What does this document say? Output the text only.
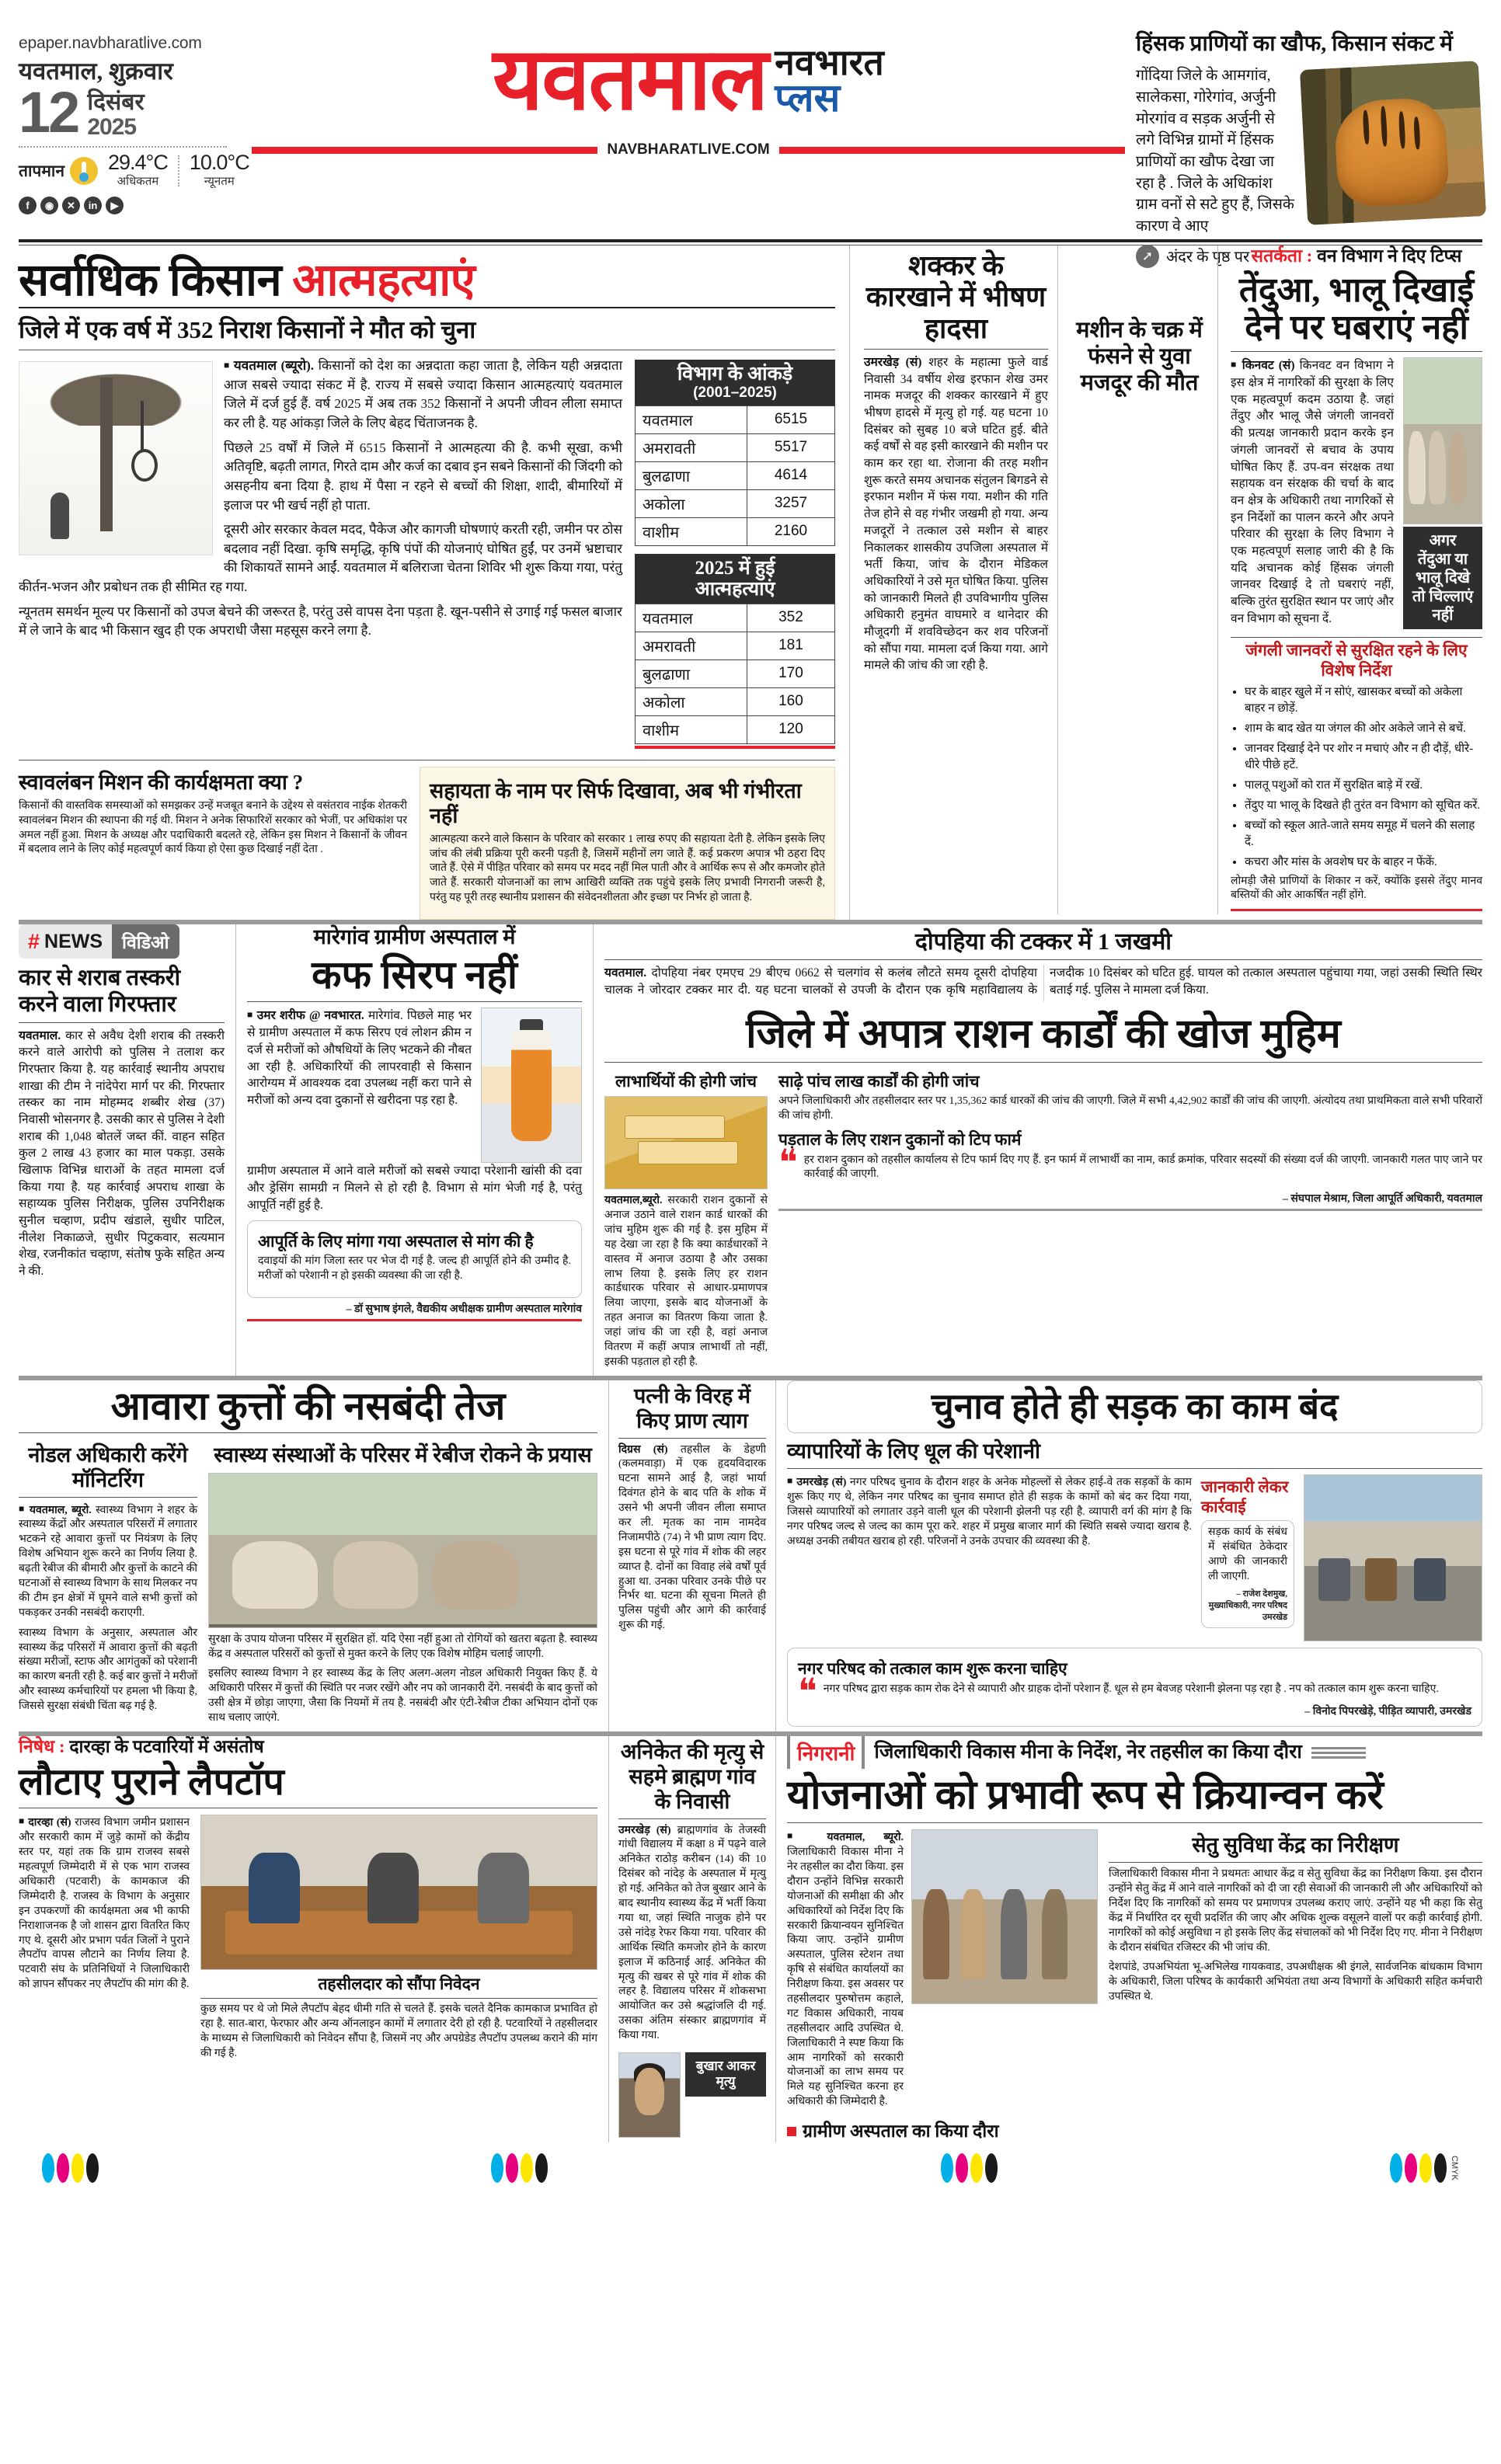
epaper.navbharatlive.com
यवतमाल, शुक्रवार
12 दिसंबर
2025
तापमान 29.4°C
अधिकतम
10.0°C
न्यूनतम
f	◉	✕	in	▶
यवतमाल नवभारत
प्लस
NAVBHARATLIVE.COM
हिंसक प्राणियों का खौफ, किसान संकट में
गोंदिया जिले के आमगांव, सालेकसा, गोरेगांव, अर्जुनी मोरगांव व सड़क अर्जुनी से लगे विभिन्न ग्रामों में हिंसक प्राणियों का खौफ देखा जा रहा है . जिले के अधिकांश ग्राम वनों से सटे हुए हैं, जिसके कारण वे आए
➚ अंदर के पृष्ठ पर
सर्वाधिक किसान आत्महत्याएं
जिले में एक वर्ष में 352 निराश किसानों ने मौत को चुना
विभाग के आंकड़े
(2001–2025)
यवतमाल	6515
अमरावती	5517
बुलढाणा	4614
अकोला	3257
वाशीम	2160
2025 में हुई
आत्महत्याएं
यवतमाल	352
अमरावती	181
बुलढाणा	170
अकोला	160
वाशीम	120

■ यवतमाल (ब्यूरो). किसानों को देश का अन्नदाता कहा जाता है, लेकिन यही अन्नदाता आज सबसे ज्यादा संकट में है. राज्य में सबसे ज्यादा किसान आत्महत्याएं यवतमाल जिले में दर्ज हुई हैं. वर्ष 2025 में अब तक 352 किसानों ने अपनी जीवन लीला समाप्त कर ली है. यह आंकड़ा जिले के लिए बेहद चिंताजनक है.

पिछले 25 वर्षों में जिले में 6515 किसानों ने आत्महत्या की है. कभी सूखा, कभी अतिवृष्टि, बढ़ती लागत, गिरते दाम और कर्ज का दबाव इन सबने किसानों की जिंदगी को असहनीय बना दिया है. हाथ में पैसा न रहने से बच्चों की शिक्षा, शादी, बीमारियों में इलाज पर भी खर्च नहीं हो पाता.

दूसरी ओर सरकार केवल मदद, पैकेज और कागजी घोषणाएं करती रही, जमीन पर ठोस बदलाव नहीं दिखा. कृषि समृद्धि, कृषि पंपों की योजनाएं घोषित हुईं, पर उनमें भ्रष्टाचार की शिकायतें सामने आईं. यवतमाल में बलिराजा चेतना शिविर भी शुरू किया गया, परंतु कीर्तन-भजन और प्रबोधन तक ही सीमित रह गया.

न्यूनतम समर्थन मूल्य पर किसानों को उपज बेचने की जरूरत है, परंतु उसे वापस देना पड़ता है. खून-पसीने से उगाई गई फसल बाजार में ले जाने के बाद भी किसान खुद ही एक अपराधी जैसा महसूस करने लगा है.

स्वावलंबन मिशन की कार्यक्षमता क्या ?

किसानों की वास्तविक समस्याओं को समझकर उन्हें मजबूत बनाने के उद्देश्य से वसंतराव नाईक शेतकरी स्वावलंबन मिशन की स्थापना की गई थी. मिशन ने अनेक सिफारिशें सरकार को भेजीं, पर अधिकांश पर अमल नहीं हुआ. मिशन के अध्यक्ष और पदाधिकारी बदलते रहे, लेकिन इस मिशन ने किसानों के जीवन में बदलाव लाने के लिए कोई महत्वपूर्ण कार्य किया हो ऐसा कुछ दिखाई नहीं देता .

सहायता के नाम पर सिर्फ दिखावा, अब भी गंभीरता नहीं

आत्महत्या करने वाले किसान के परिवार को सरकार 1 लाख रुपए की सहायता देती है. लेकिन इसके लिए जांच की लंबी प्रक्रिया पूरी करनी पड़ती है, जिसमें महीनों लग जाते हैं. कई प्रकरण अपात्र भी ठहरा दिए जाते हैं. ऐसे में पीड़ित परिवार को समय पर मदद नहीं मिल पाती और वे आर्थिक रूप से और कमजोर होते जाते हैं. सरकारी योजनाओं का लाभ आखिरी व्यक्ति तक पहुंचे इसके लिए प्रभावी निगरानी जरूरी है, परंतु यह पूरी तरह स्थानीय प्रशासन की संवेदनशीलता और इच्छा पर निर्भर हो जाता है.

शक्कर के कारखाने में भीषण हादसा

उमरखेड़ (सं) शहर के महात्मा फुले वार्ड निवासी 34 वर्षीय शेख इरफान शेख उमर नामक मजदूर की शक्कर कारखाने में हुए भीषण हादसे में मृत्यु हो गई. यह घटना 10 दिसंबर को सुबह 10 बजे घटित हुई. बीते कई वर्षों से वह इसी कारखाने की मशीन पर काम कर रहा था. रोजाना की तरह मशीन शुरू करते समय अचानक संतुलन बिगडने से इरफान मशीन में फंस गया. मशीन की गति तेज होने से वह गंभीर जखमी हो गया. अन्य मजदूरों ने तत्काल उसे मशीन से बाहर निकालकर शासकीय उपजिला अस्पताल में भर्ती किया, जांच के दौरान मेडिकल अधिकारियों ने उसे मृत घोषित किया. पुलिस को जानकारी मिलते ही उपविभागीय पुलिस अधिकारी हनुमंत वाघमारे व थानेदार की मौजूदगी में शवविच्छेदन कर शव परिजनों को सौंपा गया. मामला दर्ज किया गया. आगे मामले की जांच की जा रही है.

मशीन के चक्र में फंसने से युवा मजदूर की मौत
सतर्कता : वन विभाग ने दिए टिप्स
तेंदुआ, भालू दिखाई देने पर घबराएं नहीं

■ किनवट (सं) किनवट वन विभाग ने इस क्षेत्र में नागरिकों की सुरक्षा के लिए एक महत्वपूर्ण कदम उठाया है. जहां तेंदुए और भालू जैसे जंगली जानवरों की प्रत्यक्ष जानकारी प्रदान करके इन जंगली जानवरों से बचाव के उपाय घोषित किए हैं. उप-वन संरक्षक तथा सहायक वन संरक्षक की चर्चा के बाद वन क्षेत्र के अधिकारी तथा नागरिकों से इन निर्देशों का पालन करने और अपने परिवार की सुरक्षा के लिए विभाग ने एक महत्वपूर्ण सलाह जारी की है कि यदि अचानक कोई हिंसक जंगली जानवर दिखाई दे तो घबराएं नहीं, बल्कि तुरंत सुरक्षित स्थान पर जाएं और वन विभाग को सूचना दें.

अगर तेंदुआ या भालू दिखे तो चिल्लाएं नहीं
जंगली जानवरों से सुरक्षित रहने के लिए विशेष निर्देश
• घर के बाहर खुले में न सोएं, खासकर बच्चों को अकेला बाहर न छोड़ें.
• शाम के बाद खेत या जंगल की ओर अकेले जाने से बचें.
• जानवर दिखाई देने पर शोर न मचाएं और न ही दौड़ें, धीरे-धीरे पीछे हटें.
• पालतू पशुओं को रात में सुरक्षित बाड़े में रखें.
• तेंदुए या भालू के दिखते ही तुरंत वन विभाग को सूचित करें.
• बच्चों को स्कूल आते-जाते समय समूह में चलने की सलाह दें.
• कचरा और मांस के अवशेष घर के बाहर न फेंकें.

लोमड़ी जैसे प्राणियों के शिकार न करें, क्योंकि इससे तेंदुए मानव बस्तियों की ओर आकर्षित नहीं होंगे.

# NEWS	विडिओ
कार से शराब तस्करी करने वाला गिरफ्तार

यवतमाल. कार से अवैध देशी शराब की तस्करी करने वाले आरोपी को पुलिस ने तलाश कर गिरफ्तार किया है. यह कार्रवाई स्थानीय अपराध शाखा की टीम ने नांदेपेरा मार्ग पर की. गिरफ्तार तस्कर का नाम मोहम्मद शब्बीर शेख (37) निवासी भोसनगर है. उसकी कार से पुलिस ने देशी शराब की 1,048 बोतलें जब्त कीं. वाहन सहित कुल 2 लाख 43 हजार का माल पकड़ा. उसके खिलाफ विभिन्न धाराओं के तहत मामला दर्ज किया गया है. यह कार्रवाई अपराध शाखा के सहाय्यक पुलिस निरीक्षक, पुलिस उपनिरीक्षक सुनील चव्हाण, प्रदीप खंडाले, सुधीर पाटिल, नीलेश निकाळजे, सुधीर पिटुकवार, सत्यमान शेख, रजनीकांत चव्हाण, संतोष फुके सहित अन्य ने की.

मारेगांव ग्रामीण अस्पताल में
कफ सिरप नहीं

■ उमर शरीफ @ नवभारत. मारेगांव. पिछले माह भर से ग्रामीण अस्पताल में कफ सिरप एवं लोशन क्रीम न दर्ज से मरीजों को औषधियों के लिए भटकने की नौबत आ रही है. अधिकारियों की लापरवाही से किसान आरोग्यम में आवश्यक दवा उपलब्ध नहीं करा पाने से मरीजों को अन्य दवा दुकानों से खरीदना पड़ रहा है.

ग्रामीण अस्पताल में आने वाले मरीजों को सबसे ज्यादा परेशानी खांसी की दवा और ड्रेसिंग सामग्री न मिलने से हो रही है. विभाग से मांग भेजी गई है, परंतु आपूर्ति नहीं हुई है.

आपूर्ति के लिए मांगा गया अस्पताल से मांग की है

दवाइयों की मांग जिला स्तर पर भेज दी गई है. जल्द ही आपूर्ति होने की उम्मीद है. मरीजों को परेशानी न हो इसकी व्यवस्था की जा रही है.

– डॉ सुभाष इंगले, वैद्यकीय अधीक्षक ग्रामीण अस्पताल मारेगांव
दोपहिया की टक्कर में 1 जखमी

यवतमाल. दोपहिया नंबर एमएच 29 बीएच 0662 से चलगांव से कलंब लौटते समय दूसरी दोपहिया चालक ने जोरदार टक्कर मार दी. यह घटना चालकों से उपजी के दौरान एक कृषि महाविद्यालय के नजदीक 10 दिसंबर को घटित हुई. घायल को तत्काल अस्पताल पहुंचाया गया, जहां उसकी स्थिति स्थिर बताई गई. पुलिस ने मामला दर्ज किया.

जिले में अपात्र राशन कार्डों की खोज मुहिम
लाभार्थियों की होगी जांच

यवतमाल,ब्यूरो. सरकारी राशन दुकानों से अनाज उठाने वाले राशन कार्ड धारकों की जांच मुहिम शुरू की गई है. इस मुहिम में यह देखा जा रहा है कि क्या कार्डधारकों ने वास्तव में अनाज उठाया है और उसका लाभ लिया है. इसके लिए हर राशन कार्डधारक परिवार से आधार-प्रमाणपत्र लिया जाएगा, इसके बाद योजनाओं के तहत अनाज का वितरण किया जाता है. जहां जांच की जा रही है, वहां अनाज वितरण में कहीं अपात्र लाभार्थी तो नहीं, इसकी पड़ताल हो रही है.

साढ़े पांच लाख कार्डों की होगी जांच

अपने जिलाधिकारी और तहसीलदार स्तर पर 1,35,362 कार्ड धारकों की जांच की जाएगी. जिले में सभी 4,42,902 कार्डों की जांच की जाएगी. अंत्योदय तथा प्राथमिकता वाले सभी परिवारों की जांच होगी.

पड़ताल के लिए राशन दुकानों को टिप फार्म
❝ हर राशन दुकान को तहसील कार्यालय से टिप फार्म दिए गए हैं. इन फार्म में लाभार्थी का नाम, कार्ड क्रमांक, परिवार सदस्यों की संख्या दर्ज की जाएगी. जानकारी गलत पाए जाने पर कार्रवाई की जाएगी.

– संघपाल मेश्राम, जिला आपूर्ति अधिकारी, यवतमाल
आवारा कुत्तों की नसबंदी तेज
नोडल अधिकारी करेंगे मॉनिटरिंग

■ यवतमाल, ब्यूरो. स्वास्थ्य विभाग ने शहर के स्वास्थ्य केंद्रों और अस्पताल परिसरों में लगातार भटकने रहे आवारा कुत्तों पर नियंत्रण के लिए विशेष अभियान शुरू करने का निर्णय लिया है. बढ़ती रेबीज की बीमारी और कुत्तों के काटने की घटनाओं से स्वास्थ्य विभाग के साथ मिलकर नप की टीम इन क्षेत्रों में घूमने वाले सभी कुत्तों को पकड़कर उनकी नसबंदी कराएगी.

स्वास्थ्य विभाग के अनुसार, अस्पताल और स्वास्थ्य केंद्र परिसरों में आवारा कुत्तों की बढ़ती संख्या मरीजों, स्टाफ और आगंतुकों को परेशानी का कारण बनती रही है. कई बार कुत्तों ने मरीजों और स्वास्थ्य कर्मचारियों पर हमला भी किया है, जिससे सुरक्षा संबंधी चिंता बढ़ गई है.

स्वास्थ्य संस्थाओं के परिसर में रेबीज रोकने के प्रयास

सुरक्षा के उपाय योजना परिसर में सुरक्षित हों. यदि ऐसा नहीं हुआ तो रोगियों को खतरा बढ़ता है. स्वास्थ्य केंद्र व अस्पताल परिसरों को कुत्तों से मुक्त करने के लिए एक विशेष मोहिम चलाई जाएगी.

इसलिए स्वास्थ्य विभाग ने हर स्वास्थ्य केंद्र के लिए अलग-अलग नोडल अधिकारी नियुक्त किए हैं. ये अधिकारी परिसर में कुत्तों की स्थिति पर नजर रखेंगे और नप को जानकारी देंगे. नसबंदी के बाद कुत्तों को उसी क्षेत्र में छोड़ा जाएगा, जैसा कि नियमों में तय है. नसबंदी और एंटी-रेबीज टीका अभियान दोनों एक साथ चलाए जाएंगे.

पत्नी के विरह में किए प्राण त्याग

दिग्रस (सं) तहसील के डेहणी (कलमवाड़ा) में एक हृदयविदारक घटना सामने आई है, जहां भार्या दिवंगत होने के बाद पति के शोक में उसने भी अपनी जीवन लीला समाप्त कर ली. मृतक का नाम नामदेव निजामपीठे (74) ने भी प्राण त्याग दिए. इस घटना से पूरे गांव में शोक की लहर व्याप्त है. दोनों का विवाह लंबे वर्षों पूर्व हुआ था. उनका परिवार उनके पीछे पर निर्भर था. घटना की सूचना मिलते ही पुलिस पहुंची और आगे की कार्रवाई शुरू की गई.

चुनाव होते ही सड़क का काम बंद
व्यापारियों के लिए धूल की परेशानी

■ उमरखेड़ (सं) नगर परिषद चुनाव के दौरान शहर के अनेक मोहल्लों से लेकर हाई-वे तक सड़कों के काम शुरू किए गए थे, लेकिन नगर परिषद का चुनाव समाप्त होते ही सड़क के कामों को बंद कर दिया गया, जिससे व्यापारियों को लगातार उड़ने वाली धूल की परेशानी झेलनी पड़ रही है. व्यापारी वर्ग की मांग है कि नगर परिषद जल्द से जल्द का काम पूरा करे. शहर में प्रमुख बाजार मार्ग की स्थिति सबसे ज्यादा खराब है. अध्यक्ष उनकी तबीयत खराब हो रही. परिजनों ने उनके उपचार की व्यवस्था की है.

जानकारी लेकर कार्रवाई

सड़क कार्य के संबंध में संबंधित ठेकेदार आणे की जानकारी ली जाएगी.

– राजेश देशमुख, मुख्याधिकारी, नगर परिषद उमरखेड
नगर परिषद को तत्काल काम शुरू करना चाहिए
❝ नगर परिषद द्वारा सड़क काम रोक देने से व्यापारी और ग्राहक दोनों परेशान हैं. धूल से हम बेवजह परेशानी झेलना पड़ रहा है . नप को तत्काल काम शुरू करना चाहिए.

– विनोद पिपरखेड़े, पीड़ित व्यापारी, उमरखेड
निषेध : दारव्हा के पटवारियों में असंतोष
लौटाए पुराने लैपटॉप

■ दारव्हा (सं) राजस्व विभाग जमीन प्रशासन और सरकारी काम में जुड़े कामों को केंद्रीय स्तर पर, यहां तक कि ग्राम राजस्व सबसे महत्वपूर्ण जिम्मेदारी में से एक भाग राजस्व अधिकारी (पटवारी) के कामकाज की जिम्मेदारी है. राजस्व के विभाग के अनुसार इन उपकरणों की कार्यक्षमता अब भी काफी निराशाजनक है जो शासन द्वारा वितरित किए गए थे. दूसरी ओर प्रभाग पर्वत जिलों ने पुराने लैपटॉप वापस लौटाने का निर्णय लिया है. पटवारी संघ के प्रतिनिधियों ने जिलाधिकारी को ज्ञापन सौंपकर नए लैपटॉप की मांग की है.	तहसीलदार को सौंपा निवेदन

कुछ समय पर थे जो मिले लैपटॉप बेहद धीमी गति से चलते हैं. इसके चलते दैनिक कामकाज प्रभावित हो रहा है. सात-बारा, फेरफार और अन्य ऑनलाइन कामों में लगातार देरी हो रही है. पटवारियों ने तहसीलदार के माध्यम से जिलाधिकारी को निवेदन सौंपा है, जिसमें नए और अपग्रेडेड लैपटॉप उपलब्ध कराने की मांग की गई है.

अनिकेत की मृत्यु से सहमे ब्राह्मण गांव के निवासी

उमरखेड़ (सं) ब्राह्मणगांव के तेजस्वी गांधी विद्यालय में कक्षा 8 में पढ़ने वाले अनिकेत राठोड़ करीबन (14) की 10 दिसंबर को नांदेड़ के अस्पताल में मृत्यु हो गई. अनिकेत को तेज बुखार आने के बाद स्थानीय स्वास्थ्य केंद्र में भर्ती किया गया था, जहां स्थिति नाजुक होने पर उसे नांदेड़ रेफर किया गया. परिवार की आर्थिक स्थिति कमजोर होने के कारण इलाज में कठिनाई आई. अनिकेत की मृत्यु की खबर से पूरे गांव में शोक की लहर है. विद्यालय परिसर में शोकसभा आयोजित कर उसे श्रद्धांजलि दी गई. उसका अंतिम संस्कार ब्राह्मणगांव में किया गया.

बुखार आकर मृत्यु
निगरानी	जिलाधिकारी विकास मीना के निर्देश, नेर तहसील का किया दौरा
योजनाओं को प्रभावी रूप से क्रियान्वन करें

■ यवतमाल, ब्यूरो. जिलाधिकारी विकास मीना ने नेर तहसील का दौरा किया. इस दौरान उन्होंने विभिन्न सरकारी योजनाओं की समीक्षा की और अधिकारियों को निर्देश दिए कि सरकारी क्रियान्वयन सुनिश्चित किया जाए. उन्होंने ग्रामीण अस्पताल, पुलिस स्टेशन तथा कृषि से संबंधित कार्यालयों का निरीक्षण किया. इस अवसर पर तहसीलदार पुरुषोत्तम कहाले, गट विकास अधिकारी, नायब तहसीलदार आदि उपस्थित थे. जिलाधिकारी ने स्पष्ट किया कि आम नागरिकों को सरकारी योजनाओं का लाभ समय पर मिले यह सुनिश्चित करना हर अधिकारी की जिम्मेदारी है.

ग्रामीण अस्पताल का किया दौरा
सेतु सुविधा केंद्र का निरीक्षण

जिलाधिकारी विकास मीना ने प्रथमतः आधार केंद्र व सेतु सुविधा केंद्र का निरीक्षण किया. इस दौरान उन्होंने सेतु केंद्र में आने वाले नागरिकों को दी जा रही सेवाओं की जानकारी ली और अधिकारियों को निर्देश दिए कि नागरिकों को समय पर प्रमाणपत्र उपलब्ध कराए जाएं. उन्होंने यह भी कहा कि सेतु केंद्र में निर्धारित दर सूची प्रदर्शित की जाए और अधिक शुल्क वसूलने वालों पर कड़ी कार्रवाई होगी. नागरिकों को कोई असुविधा न हो इसके लिए केंद्र संचालकों को भी निर्देश दिए गए. मीना ने निरीक्षण के दौरान संबंधित रजिस्टर की भी जांच की.

देशपांडे, उपअभियंता भू-अभिलेख गायकवाड, उपअधीक्षक श्री इंगले, सार्वजनिक बांधकाम विभाग के अधिकारी, जिला परिषद के कार्यकारी अभियंता तथा अन्य विभागों के अधिकारी सहित कर्मचारी उपस्थित थे.

CMYK
